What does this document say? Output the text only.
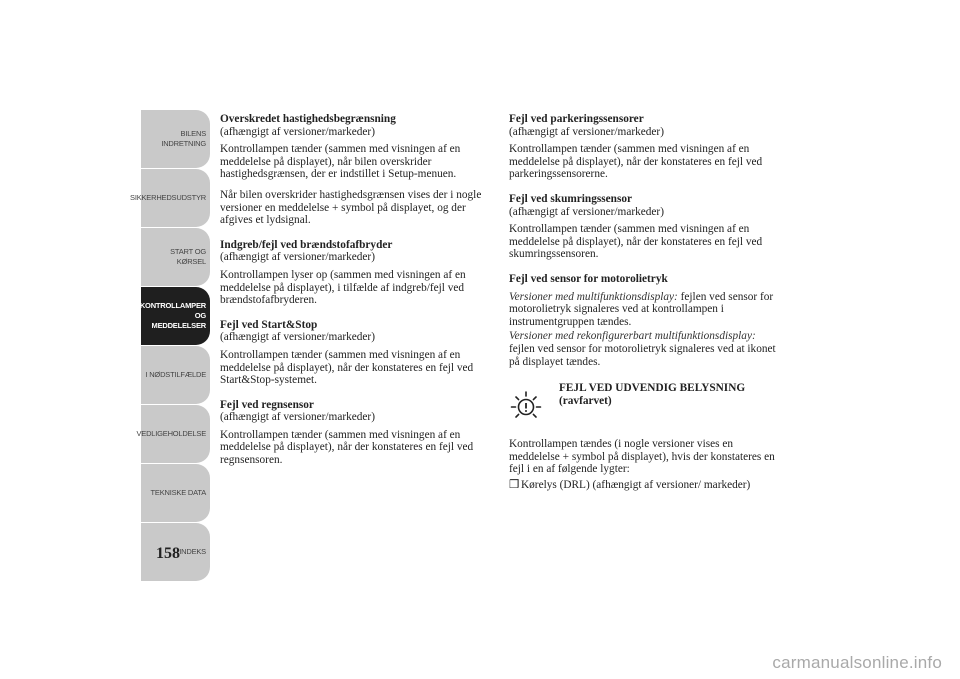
BILENS INDRETNING
SIKKERHEDSUDSTYR
START OG KØRSEL
KONTROLLAMPER OG MEDDELELSER
I NØDSTILFÆLDE
VEDLIGEHOLDELSE
TEKNISKE DATA
INDEKS
158

Overskredet hastighedsbegrænsning

(afhængigt af versioner/markeder)

Kontrollampen tænder (sammen med visningen af en meddelelse på displayet), når bilen overskrider hastighedsgrænsen, der er indstillet i Setup-menuen.

Når bilen overskrider hastighedsgrænsen vises der i nogle versioner en meddelelse + symbol på displayet, og der afgives et lydsignal.

Indgreb/fejl ved brændstofafbryder

(afhængigt af versioner/markeder)

Kontrollampen lyser op (sammen med visningen af en meddelelse på displayet), i tilfælde af indgreb/fejl ved brændstofafbryderen.

Fejl ved Start&Stop

(afhængigt af versioner/markeder)

Kontrollampen tænder (sammen med visningen af en meddelelse på displayet), når der konstateres en fejl ved Start&Stop-systemet.

Fejl ved regnsensor

(afhængigt af versioner/markeder)

Kontrollampen tænder (sammen med visningen af en meddelelse på displayet), når der konstateres en fejl ved regnsensoren.

Fejl ved parkeringssensorer

(afhængigt af versioner/markeder)

Kontrollampen tænder (sammen med visningen af en meddelelse på displayet), når der konstateres en fejl ved parkeringssensorerne.

Fejl ved skumringssensor

(afhængigt af versioner/markeder)

Kontrollampen tænder (sammen med visningen af en meddelelse på displayet), når der konstateres en fejl ved skumringssensoren.

Fejl ved sensor for motorolietryk

Versioner med multifunktionsdisplay: fejlen ved sensor for motorolietryk signaleres ved at kontrollampen i instrumentgruppen tændes.

Versioner med rekonfigurerbart multifunktionsdisplay: fejlen ved sensor for motorolietryk signaleres ved at ikonet på displayet tændes.

FEJL VED UDVENDIG BELYSNING
(ravfarvet)

Kontrollampen tændes (i nogle versioner vises en meddelelse + symbol på displayet), hvis der konstateres en fejl i en af følgende lygter:

❒ Kørelys (DRL) (afhængigt af versioner/ markeder)
carmanualsonline.info
